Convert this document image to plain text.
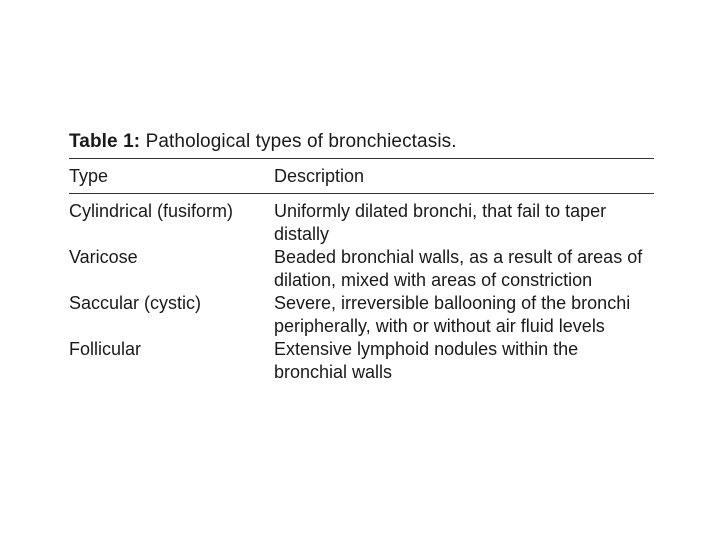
Table 1: Pathological types of bronchiectasis.

Type	Description
Cylindrical (fusiform)	Uniformly dilated bronchi, that fail to taper distally
Varicose	Beaded bronchial walls, as a result of areas of dilation, mixed with areas of constriction
Saccular (cystic)	Severe, irreversible ballooning of the bronchi peripherally, with or without air fluid levels
Follicular	Extensive lymphoid nodules within the bronchial walls
